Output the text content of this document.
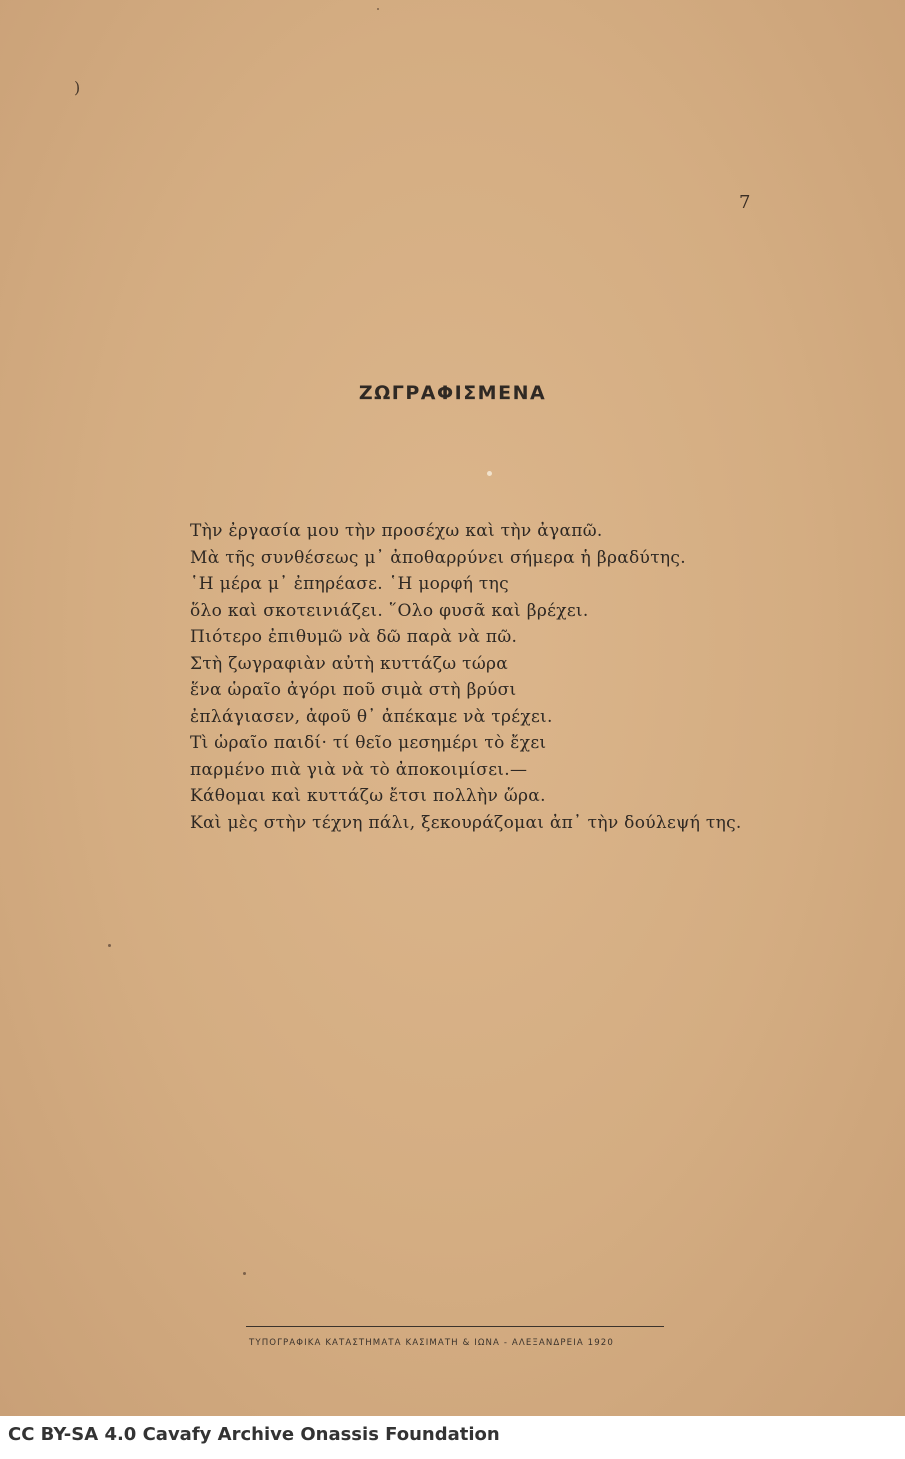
)
7
ΖΩΓΡΑΦΙΣΜΕΝΑ
Τὴν ἐργασία μου τὴν προσέχω καὶ τὴν ἀγαπῶ.
Μὰ τῆς συνθέσεως μ᾽ ἀποθαρρύνει σήμερα ἡ βραδύτης.
῾Η μέρα μ᾽ ἐπηρέασε. ῾Η μορφή της
ὅλο καὶ σκοτεινιάζει. ῞Ολο φυσᾶ καὶ βρέχει.
Πιότερο ἐπιθυμῶ νὰ δῶ παρὰ νὰ πῶ.
Στὴ ζωγραφιὰν αὐτὴ κυττάζω τώρα
ἕνα ὡραῖο ἀγόρι ποῦ σιμὰ στὴ βρύσι
ἐπλάγιασεν, ἀφοῦ θ᾽ ἀπέκαμε νὰ τρέχει.
Τὶ ὡραῖο παιδί· τί θεῖο μεσημέρι τὸ ἔχει
παρμένο πιὰ γιὰ νὰ τὸ ἀποκοιμίσει.—
Κάθομαι καὶ κυττάζω ἔτσι πολλὴν ὥρα.
Καὶ μὲς στὴν τέχνη πάλι, ξεκουράζομαι ἀπ᾽ τὴν δούλεψή της.
ΤΥΠΟΓΡΑΦΙΚΑ ΚΑΤΑΣΤΗΜΑΤΑ ΚΑΣΙΜΑΤΗ & ΙΩΝΑ - ΑΛΕΞΑΝΔΡΕΙΑ 1920
CC BY-SA 4.0 Cavafy Archive Onassis Foundation
